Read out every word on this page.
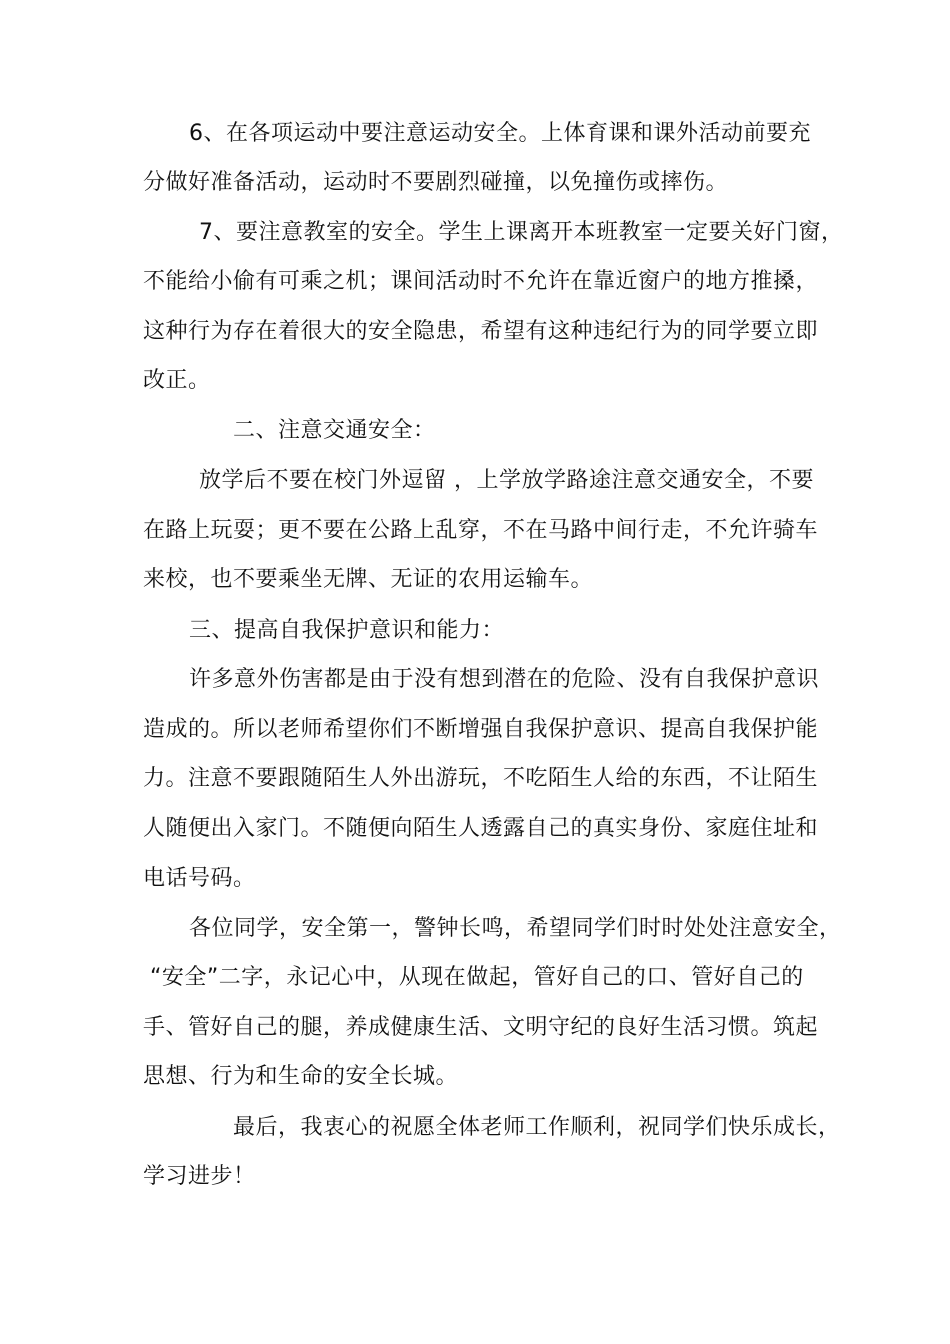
6、在各项运动中要注意运动安全。上体育课和课外活动前要充
分做好准备活动，运动时不要剧烈碰撞，以免撞伤或摔伤。
7、要注意教室的安全。学生上课离开本班教室一定要关好门窗，
不能给小偷有可乘之机；课间活动时不允许在靠近窗户的地方推搡，
这种行为存在着很大的安全隐患，希望有这种违纪行为的同学要立即
改正。
二、注意交通安全：
放学后不要在校门外逗留 ，上学放学路途注意交通安全，不要
在路上玩耍；更不要在公路上乱穿，不在马路中间行走，不允许骑车
来校，也不要乘坐无牌、无证的农用运输车。
三、提高自我保护意识和能力：
许多意外伤害都是由于没有想到潜在的危险、没有自我保护意识
造成的。所以老师希望你们不断增强自我保护意识、提高自我保护能
力。注意不要跟随陌生人外出游玩，不吃陌生人给的东西，不让陌生
人随便出入家门。不随便向陌生人透露自己的真实身份、家庭住址和
电话号码。
各位同学，安全第一，警钟长鸣，希望同学们时时处处注意安全，
“安全”二字，永记心中，从现在做起，管好自己的口、管好自己的
手、管好自己的腿，养成健康生活、文明守纪的良好生活习惯。筑起
思想、行为和生命的安全长城。
最后，我衷心的祝愿全体老师工作顺利，祝同学们快乐成长，
学习进步！
